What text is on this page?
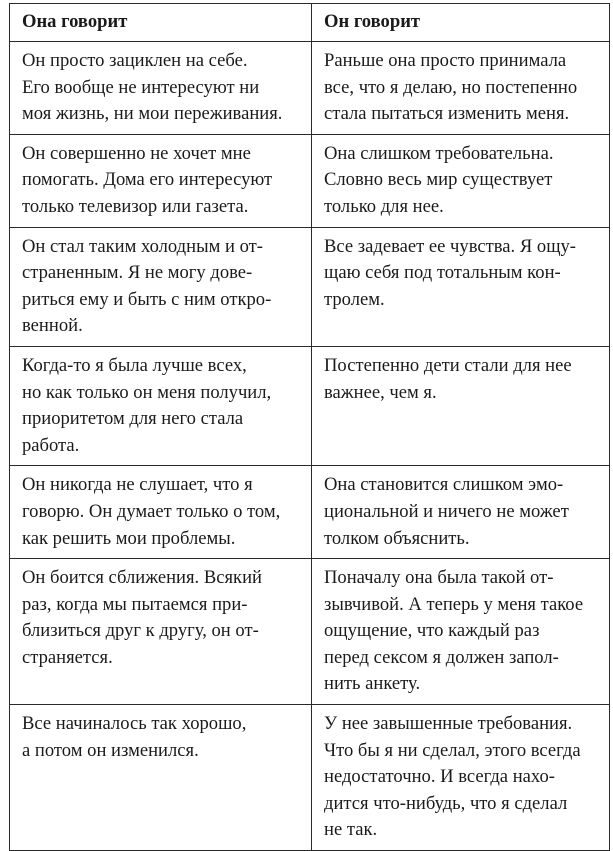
Она говорит	Он говорит

Он просто зациклен на себе.
Его вообще не интересуют ни
моя жизнь, ни мои переживания.	Раньше она просто принимала
все, что я делаю, но постепенно
стала пытаться изменить меня.

Он совершенно не хочет мне
помогать. Дома его интересуют
только телевизор или газета.	Она слишком требовательна.
Словно весь мир существует
только для нее.

Он стал таким холодным и от-
страненным. Я не могу дове-
риться ему и быть с ним откро-
венной.	Все задевает ее чувства. Я ощу-
щаю себя под тотальным кон-
тролем.

Когда-то я была лучше всех,
но как только он меня получил,
приоритетом для него стала
работа.	Постепенно дети стали для нее
важнее, чем я.

Он никогда не слушает, что я
говорю. Он думает только о том,
как решить мои проблемы.	Она становится слишком эмо-
циональной и ничего не может
толком объяснить.

Он боится сближения. Всякий
раз, когда мы пытаемся при-
близиться друг к другу, он от-
страняется.	Поначалу она была такой от-
зывчивой. А теперь у меня такое
ощущение, что каждый раз
перед сексом я должен запол-
нить анкету.

Все начиналось так хорошо,
а потом он изменился.	У нее завышенные требования.
Что бы я ни сделал, этого всегда
недостаточно. И всегда нахо-
дится что-нибудь, что я сделал
не так.
